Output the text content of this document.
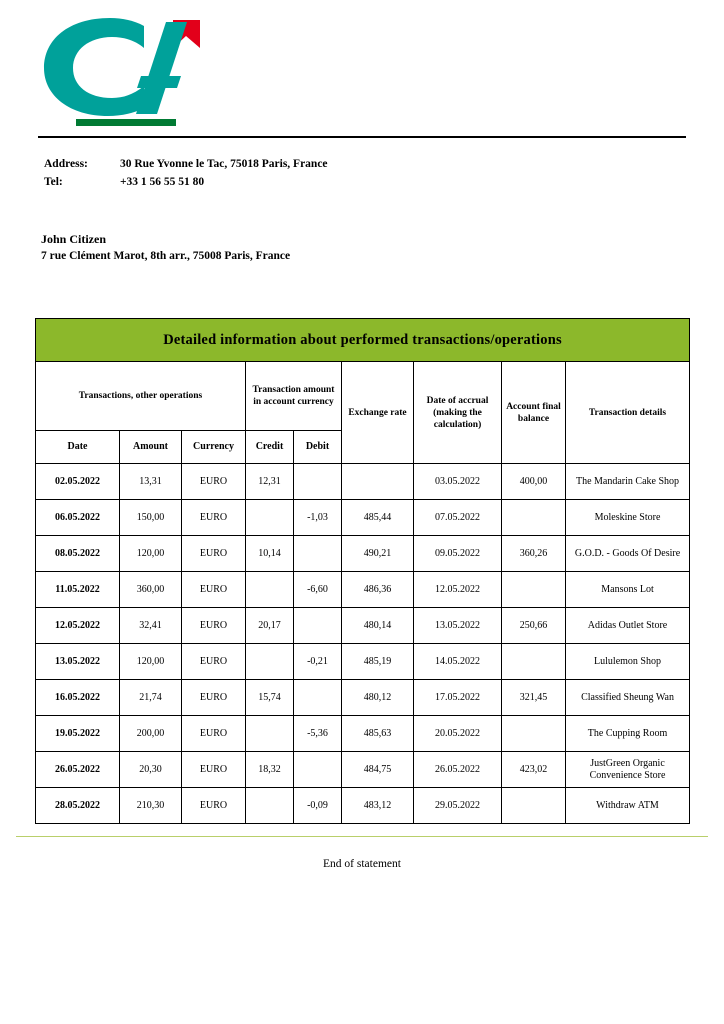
Address:	30 Rue Yvonne le Tac, 75018 Paris, France
Tel:	+33 1 56 55 51 80
John Citizen
7 rue Clément Marot, 8th arr., 75008 Paris, France
Detailed information about performed transactions/operations								
Transactions, other operations			Transaction amount in account currency		Exchange rate	Date of accrual (making the calculation)	Account final balance	Transaction details
Date	Amount	Currency	Credit	Debit				
02.05.2022	13,31	EURO	12,31			03.05.2022	400,00	The Mandarin Cake Shop
06.05.2022	150,00	EURO		-1,03	485,44	07.05.2022		Moleskine Store
08.05.2022	120,00	EURO	10,14		490,21	09.05.2022	360,26	G.O.D. - Goods Of Desire
11.05.2022	360,00	EURO		-6,60	486,36	12.05.2022		Mansons Lot
12.05.2022	32,41	EURO	20,17		480,14	13.05.2022	250,66	Adidas Outlet Store
13.05.2022	120,00	EURO		-0,21	485,19	14.05.2022		Lululemon Shop
16.05.2022	21,74	EURO	15,74		480,12	17.05.2022	321,45	Classified Sheung Wan
19.05.2022	200,00	EURO		-5,36	485,63	20.05.2022		The Cupping Room
26.05.2022	20,30	EURO	18,32		484,75	26.05.2022	423,02	JustGreen Organic Convenience Store
28.05.2022	210,30	EURO		-0,09	483,12	29.05.2022		Withdraw ATM
End of statement
